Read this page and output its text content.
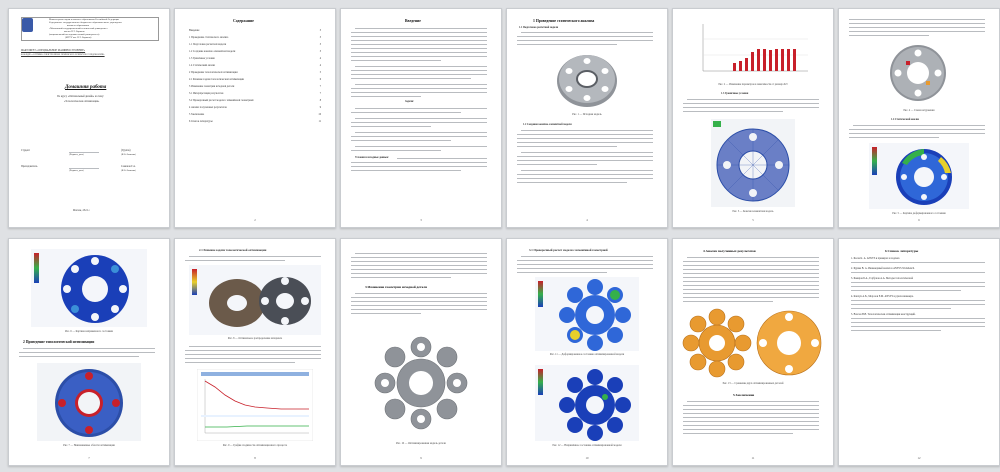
Министерство науки и высшего образования Российской Федерации
Федеральное государственное бюджетное образовательное учреждение
высшего образования
«Московский государственный технический университет
имени Н.Э. Баумана
(национальный исследовательский университет)»
(МГТУ им. Н.Э. Баумана)
ФАКУЛЬТЕТ «СПЕЦИАЛЬНОЕ МАШИНОСТРОЕНИЕ»
КАФЕДРА «ОПТИКО-ЭЛЕКТРОННЫЕ ПРИБОРЫ НАУЧНЫХ ИССЛЕДОВАНИЙ»
Домашняя работа
По курсу «Оптимальный дизайн» на тему:
«Топологическая оптимизация»
Студент	(Группа)
(Подпись, дата)	(И.О. Фамилия)
Преподаватель	Семенов Г.А.
(Подпись, дата)	(И.О. Фамилия)
Москва, 2024 г.
Содержание
Введение	3
1 Проведение статического анализа	3
1.1 Подготовка расчетной модели	3
1.2 Создание конечно-элементной модели	3
1.3 Граничные условия	4
1.4 Статический анализ	4
2 Проведение топологической оптимизации	5
2.1 Решение задачи топологической оптимизации	6
3 Изменение геометрии исходной детали	7
3.1 Интерпретация результатов	7
3.2 Проверочный расчет модели с изменённой геометрией	8
4 Анализ полученных результатов	9
5 Заключение	10
6 Список литературы	11
2
Введение
Задачи:
Условия и исходные данные:
3
1 Проведение статического анализа
1.1 Подготовка расчетной модели
Рис. 1 — Исходная модель
1.2 Создание конечно-элементной модели
4
Рис. 2 — Изменение параметров в зависимости от размера КЭ
1.3 Граничные условия
Рис. 3 — Конечноэлементная модель
5
Рис. 4 — Схема нагружения
1.4 Статический анализ
Рис. 5 — Картина деформированного состояния
6
Рис. 6 — Картина напряженного состояния
2 Проведение топологической оптимизации
Рис. 7 — Неизменяемые области оптимизации
7
2.1 Решение задачи топологической оптимизации
Рис. 8 — Оптимальное распределение материала
Рис. 9 — График сходимости оптимизационного процесса
8
3 Изменение геометрии исходной детали
Рис. 10 — Оптимизированная модель детали
9
3.1 Проверочный расчет модели с изменённой геометрией
Рис. 11 — Деформированное состояние оптимизированной модели
Рис. 12 — Напряжённое состояние оптимизированной модели
10
4 Анализ полученных результатов
Рис. 13 — Сравнение двух оптимизированных деталей
5 Заключение
11
6 Список литературы
1. Басов К. А. ANSYS в примерах и задачах.
2. Бруяка В. А. Инженерный анализ в ANSYS Workbench.
3. Бакиров Б.А., Горбунов А.А. Методы топологической
4. Каплун А.Б., Морозов Е.М. ANSYS в руках инженера.
5. Власов В.В. Топологическая оптимизация конструкций.
12
